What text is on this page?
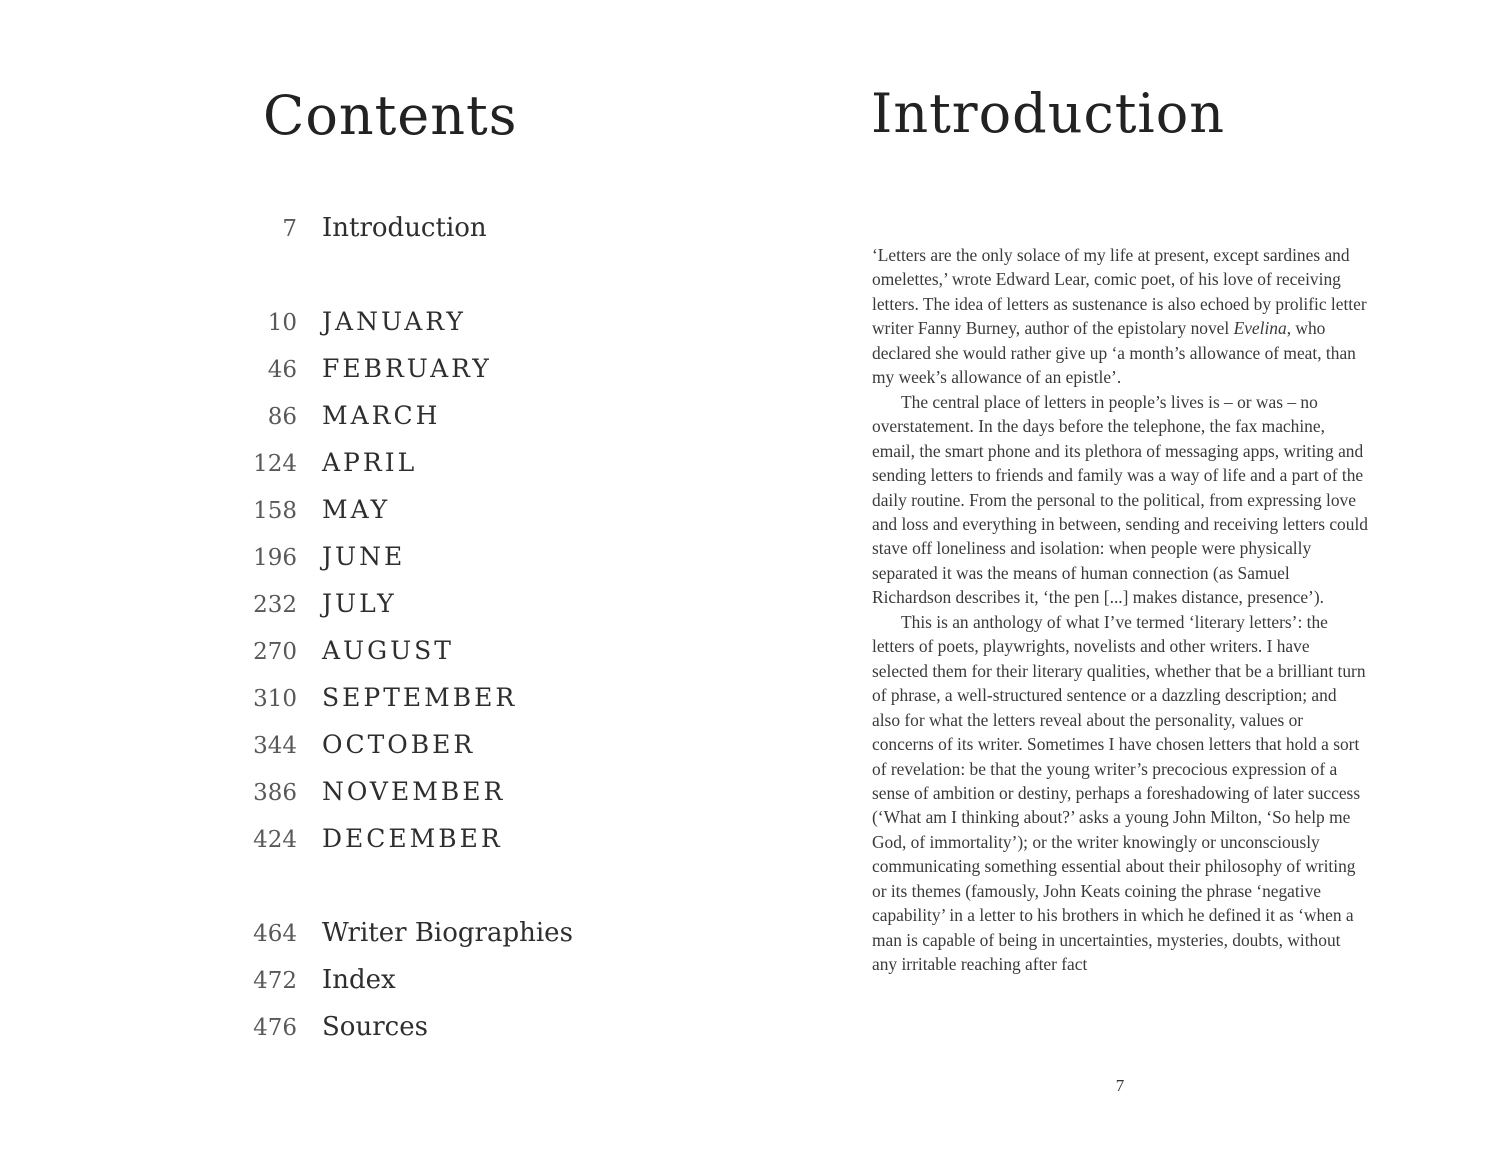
Contents
7 Introduction
10 JANUARY
46 FEBRUARY
86 MARCH
124 APRIL
158 MAY
196 JUNE
232 JULY
270 AUGUST
310 SEPTEMBER
344 OCTOBER
386 NOVEMBER
424 DECEMBER
464 Writer Biographies
472 Index
476 Sources
Introduction

‘Letters are the only solace of my life at present, except sardines and omelettes,’ wrote Edward Lear, comic poet, of his love of receiving letters. The idea of letters as sustenance is also echoed by prolific letter writer Fanny Burney, author of the epistolary novel Evelina, who declared she would rather give up ‘a month’s allowance of meat, than my week’s allowance of an epistle’.

The central place of letters in people’s lives is – or was – no overstatement. In the days before the telephone, the fax machine, email, the smart phone and its plethora of messaging apps, writing and sending letters to friends and family was a way of life and a part of the daily routine. From the personal to the political, from expressing love and loss and everything in between, sending and receiving letters could stave off loneliness and isolation: when people were physically separated it was the means of human connection (as Samuel Richardson describes it, ‘the pen [...] makes distance, presence’).

This is an anthology of what I’ve termed ‘literary letters’: the letters of poets, playwrights, novelists and other writers. I have selected them for their literary qualities, whether that be a brilliant turn of phrase, a well-structured sentence or a dazzling description; and also for what the letters reveal about the personality, values or concerns of its writer. Sometimes I have chosen letters that hold a sort of revelation: be that the young writer’s precocious expression of a sense of ambition or destiny, perhaps a foreshadowing of later success (‘What am I thinking about?’ asks a young John Milton, ‘So help me God, of immortality’); or the writer knowingly or unconsciously communicating something essential about their philosophy of writing or its themes (famously, John Keats coining the phrase ‘negative capability’ in a letter to his brothers in which he defined it as ‘when a man is capable of being in uncertainties, mysteries, doubts, without any irritable reaching after fact

7
